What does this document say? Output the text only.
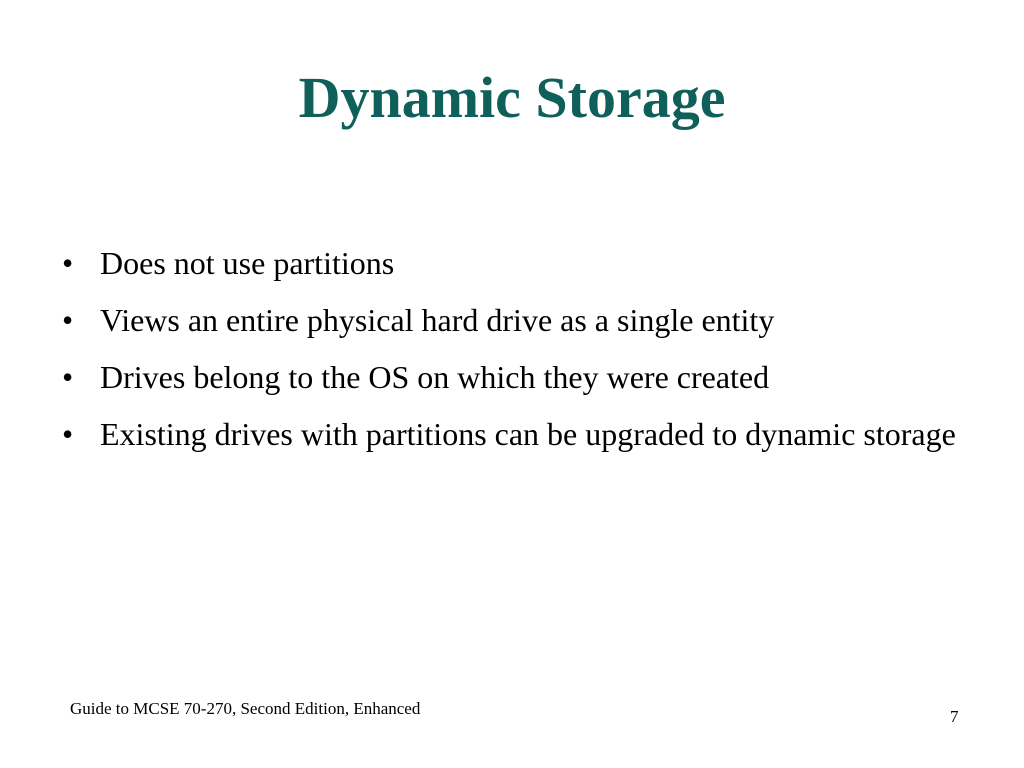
Dynamic Storage
• Does not use partitions
• Views an entire physical hard drive as a single entity
• Drives belong to the OS on which they were created
• Existing drives with partitions can be upgraded to dynamic storage
Guide to MCSE 70-270, Second Edition, Enhanced	7
